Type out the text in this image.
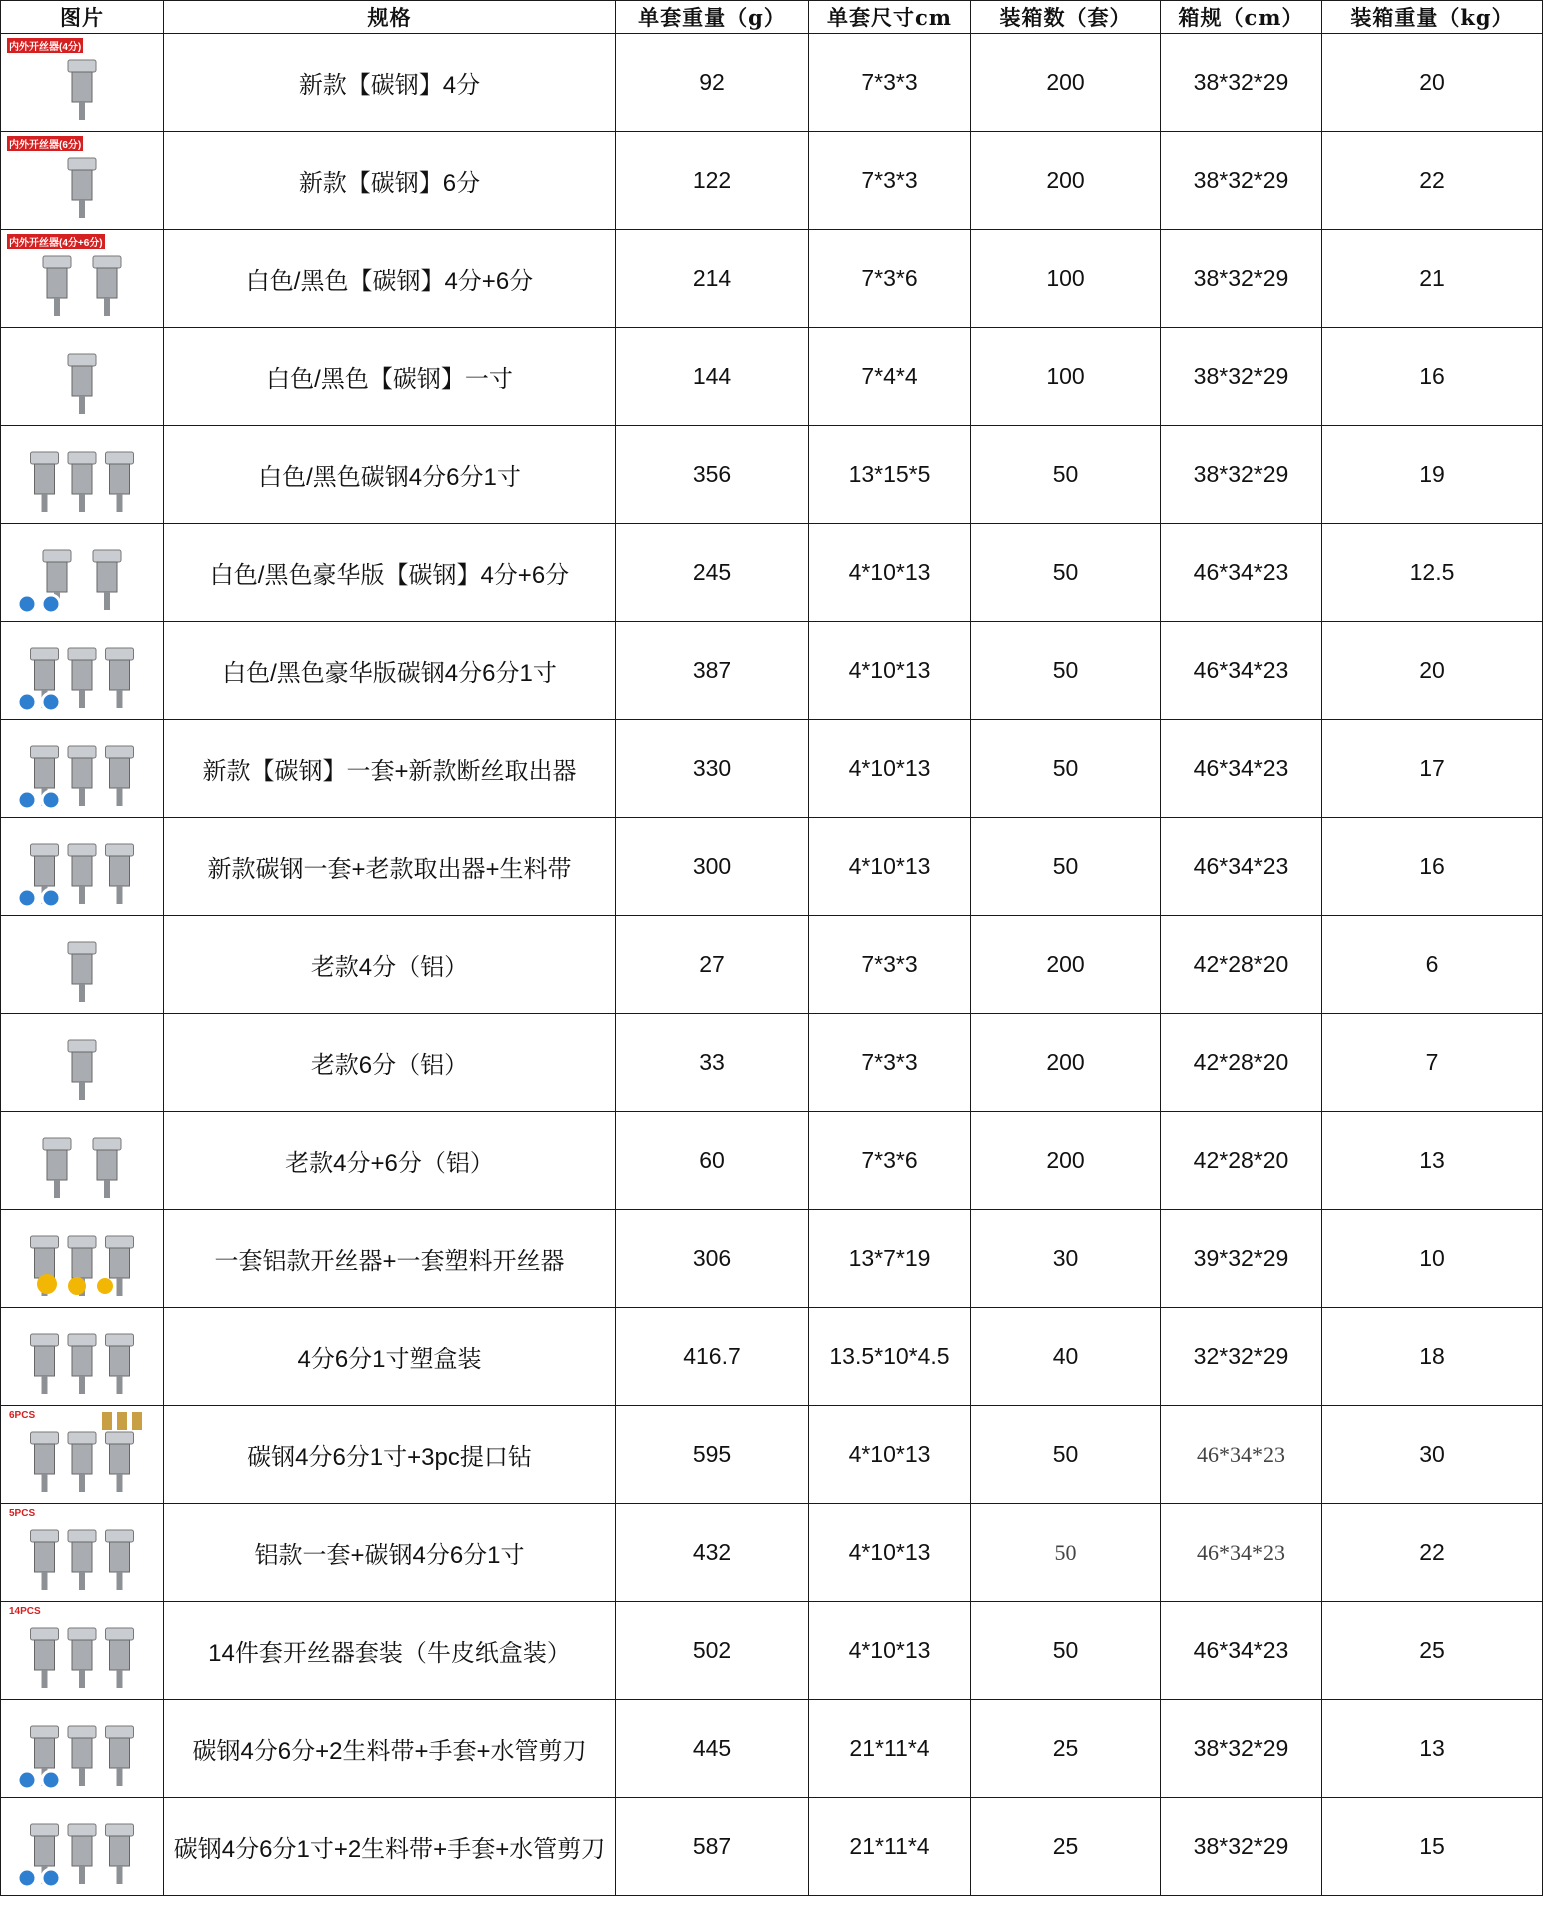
图片	规格	单套重量（g）	单套尺寸cm	装箱数（套）	箱规（cm）	装箱重量（kg）

内外开丝器(4分)	新款【碳钢】4分	92	7*3*3	200	38*32*29	20

内外开丝器(6分)	新款【碳钢】6分	122	7*3*3	200	38*32*29	22

内外开丝器(4分+6分)	白色/黑色【碳钢】4分+6分	214	7*3*6	100	38*32*29	21

	白色/黑色【碳钢】一寸	144	7*4*4	100	38*32*29	16

	白色/黑色碳钢4分6分1寸	356	13*15*5	50	38*32*29	19

	白色/黑色豪华版【碳钢】4分+6分	245	4*10*13	50	46*34*23	12.5

	白色/黑色豪华版碳钢4分6分1寸	387	4*10*13	50	46*34*23	20

	新款【碳钢】一套+新款断丝取出器	330	4*10*13	50	46*34*23	17

	新款碳钢一套+老款取出器+生料带	300	4*10*13	50	46*34*23	16

	老款4分（铝）	27	7*3*3	200	42*28*20	6

	老款6分（铝）	33	7*3*3	200	42*28*20	7

	老款4分+6分（铝）	60	7*3*6	200	42*28*20	13

	一套铝款开丝器+一套塑料开丝器	306	13*7*19	30	39*32*29	10

	4分6分1寸塑盒装	416.7	13.5*10*4.5	40	32*32*29	18

6PCS	碳钢4分6分1寸+3pc提口钻	595	4*10*13	50	46*34*23	30

5PCS	铝款一套+碳钢4分6分1寸	432	4*10*13	50	46*34*23	22

14PCS	14件套开丝器套装（牛皮纸盒装）	502	4*10*13	50	46*34*23	25

	碳钢4分6分+2生料带+手套+水管剪刀	445	21*11*4	25	38*32*29	13

	碳钢4分6分1寸+2生料带+手套+水管剪刀	587	21*11*4	25	38*32*29	15
